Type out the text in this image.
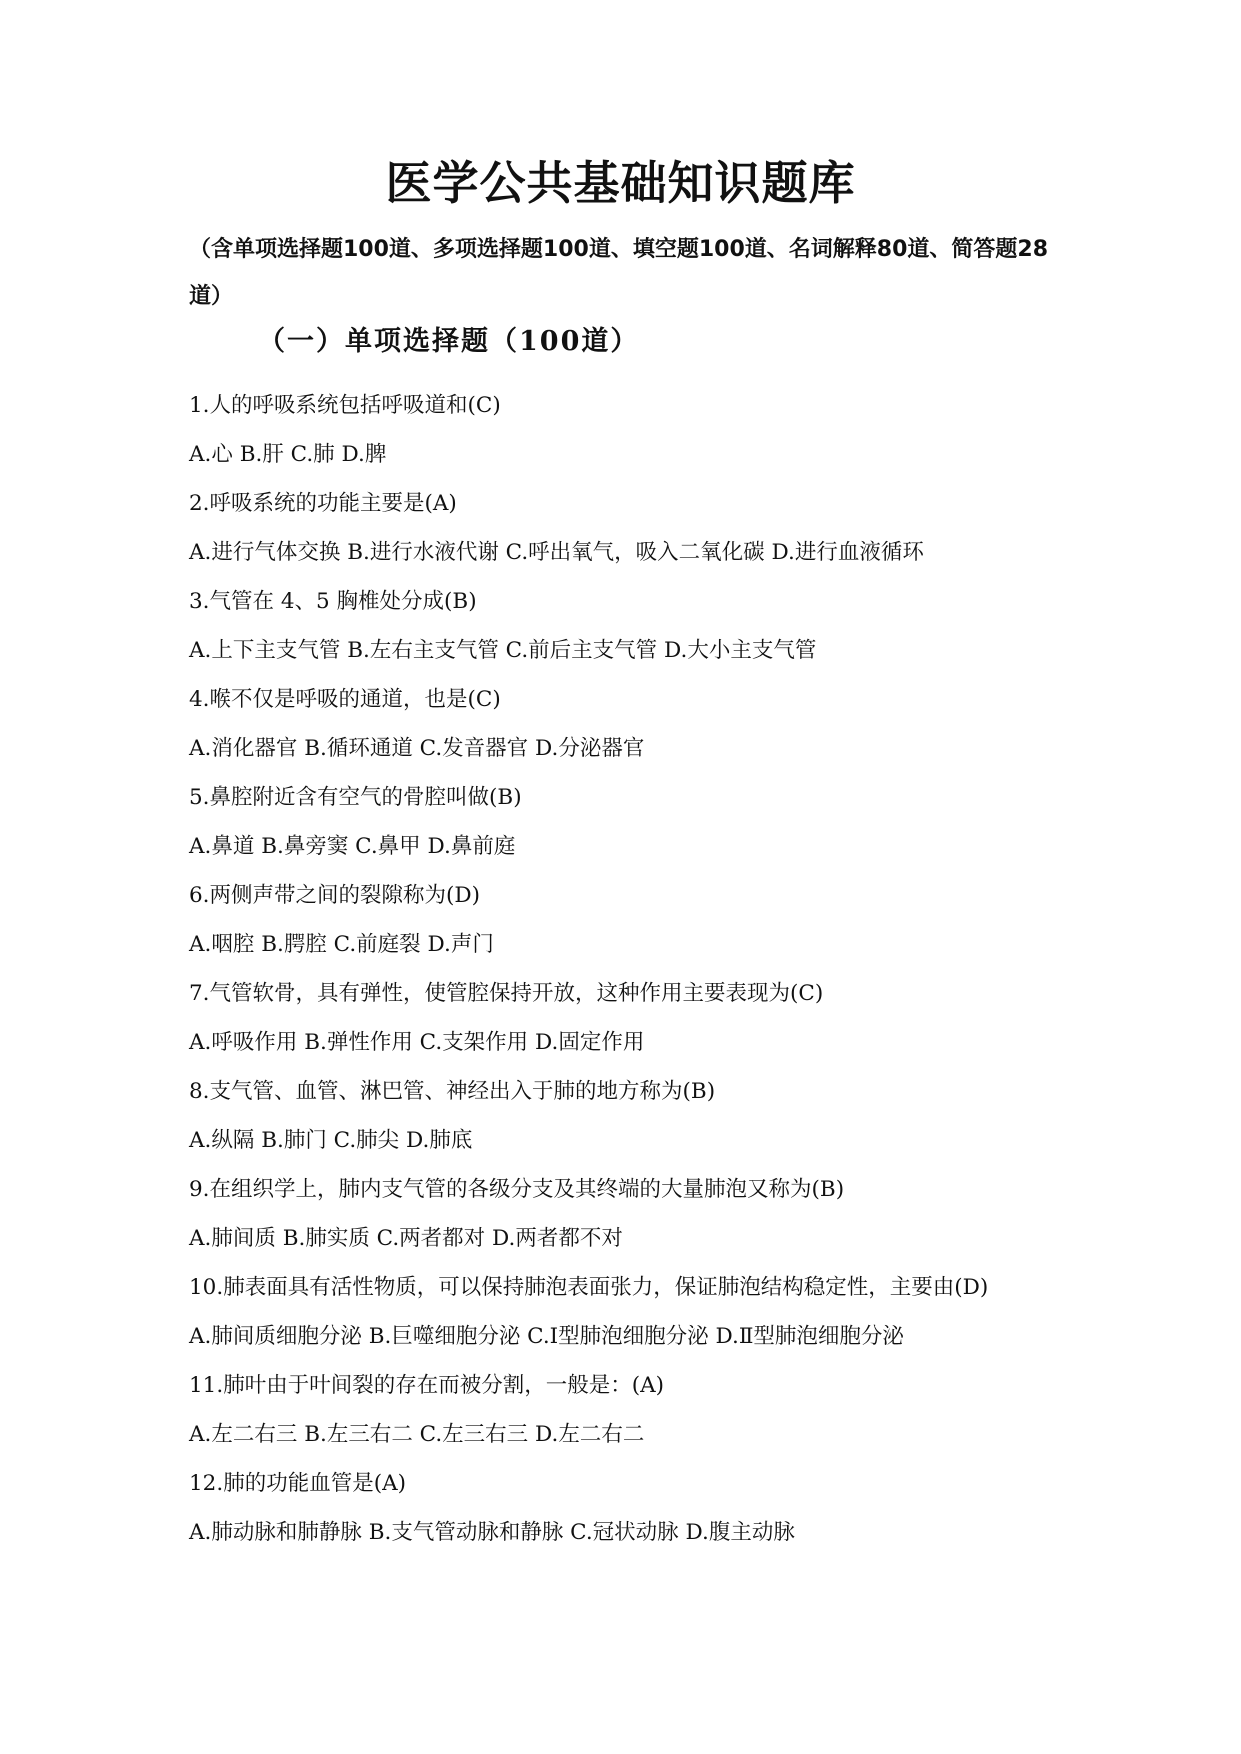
医学公共基础知识题库

（含单项选择题100道、多项选择题100道、填空题100道、名词解释80道、简答题28道）

（一）单项选择题（100道）

1.人的呼吸系统包括呼吸道和(C)

A.心 B.肝 C.肺 D.脾

2.呼吸系统的功能主要是(A)

A.进行气体交换 B.进行水液代谢 C.呼出氧气，吸入二氧化碳 D.进行血液循环

3.气管在 4、5 胸椎处分成(B)

A.上下主支气管 B.左右主支气管 C.前后主支气管 D.大小主支气管

4.喉不仅是呼吸的通道，也是(C)

A.消化器官 B.循环通道 C.发音器官 D.分泌器官

5.鼻腔附近含有空气的骨腔叫做(B)

A.鼻道 B.鼻旁窦 C.鼻甲 D.鼻前庭

6.两侧声带之间的裂隙称为(D)

A.咽腔 B.腭腔 C.前庭裂 D.声门

7.气管软骨，具有弹性，使管腔保持开放，这种作用主要表现为(C)

A.呼吸作用 B.弹性作用 C.支架作用 D.固定作用

8.支气管、血管、淋巴管、神经出入于肺的地方称为(B)

A.纵隔 B.肺门 C.肺尖 D.肺底

9.在组织学上，肺内支气管的各级分支及其终端的大量肺泡又称为(B)

A.肺间质 B.肺实质 C.两者都对 D.两者都不对

10.肺表面具有活性物质，可以保持肺泡表面张力，保证肺泡结构稳定性，主要由(D)

A.肺间质细胞分泌 B.巨噬细胞分泌 C.Ⅰ型肺泡细胞分泌 D.Ⅱ型肺泡细胞分泌

11.肺叶由于叶间裂的存在而被分割，一般是：(A)

A.左二右三 B.左三右二 C.左三右三 D.左二右二

12.肺的功能血管是(A)

A.肺动脉和肺静脉 B.支气管动脉和静脉 C.冠状动脉 D.腹主动脉
